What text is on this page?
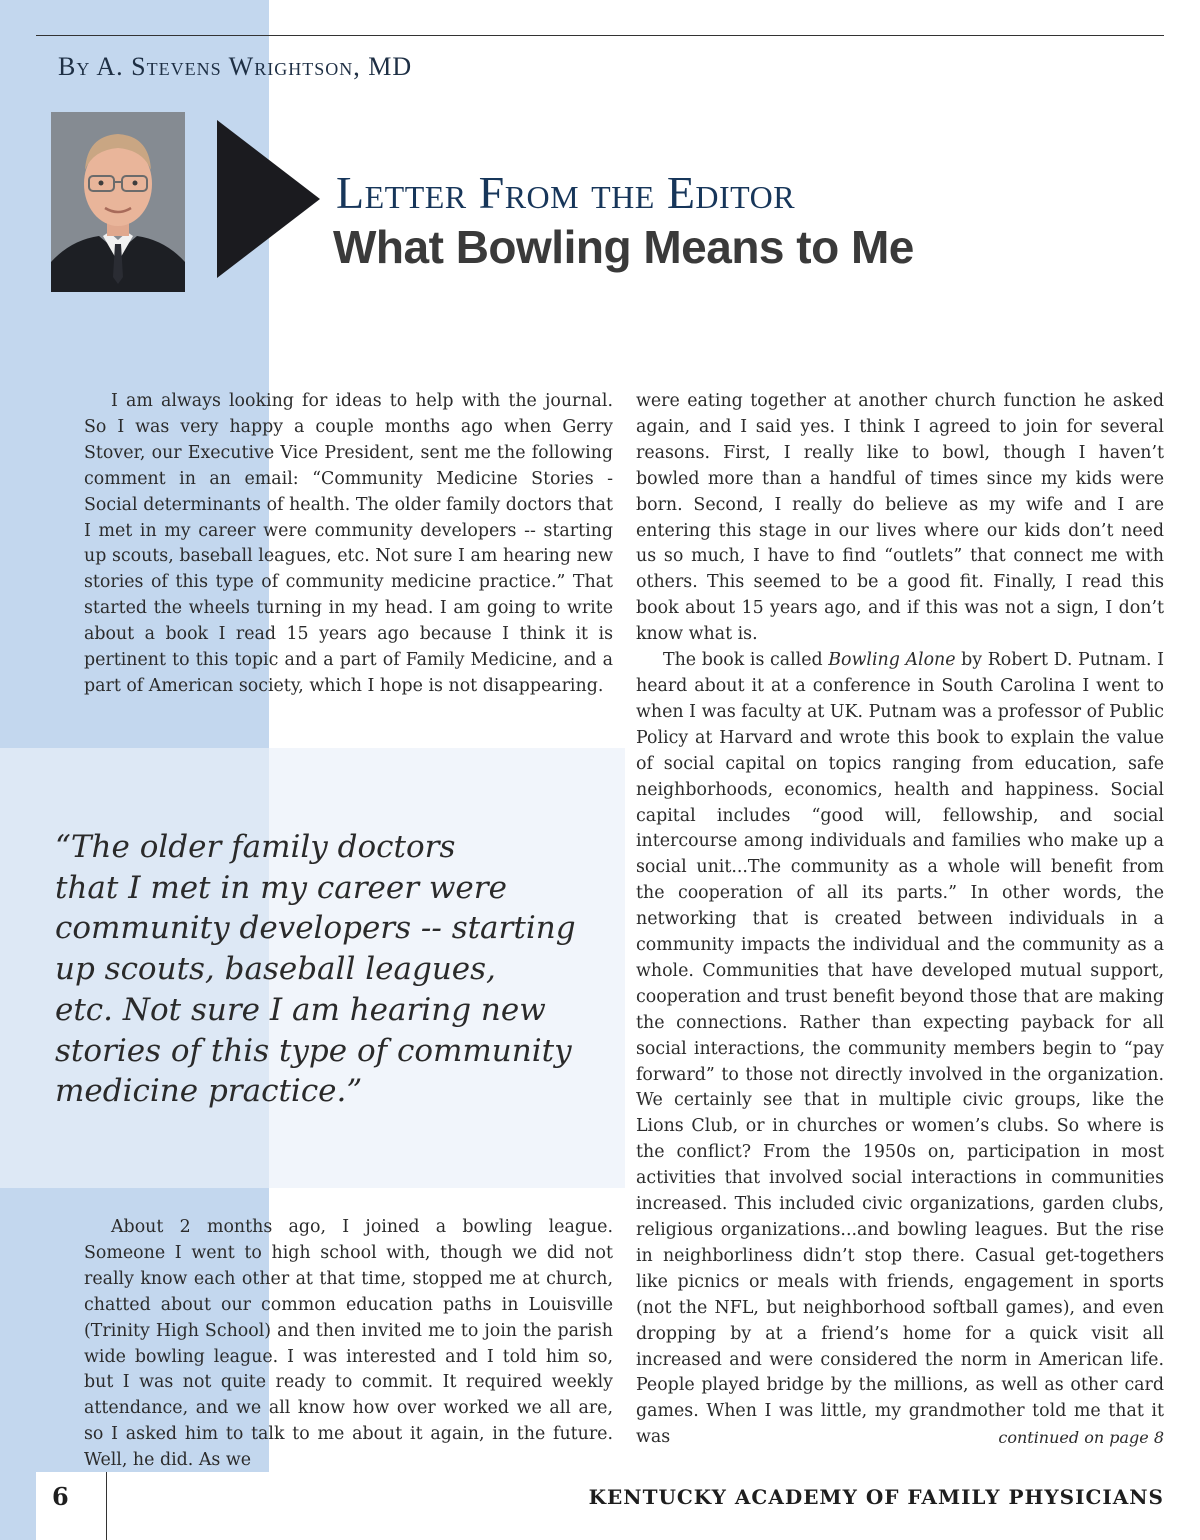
By A. Stevens Wrightson, MD
Letter From the Editor
What Bowling Means to Me

I am always looking for ideas to help with the journal. So I was very happy a couple months ago when Gerry Stover, our Executive Vice President, sent me the following comment in an email: “Community Medicine Stories - Social determinants of health. The older family doctors that I met in my career were community developers -- starting up scouts, baseball leagues, etc. Not sure I am hearing new stories of this type of community medicine practice.” That started the wheels turning in my head. I am going to write about a book I read 15 years ago because I think it is pertinent to this topic and a part of Family Medicine, and a part of American society, which I hope is not disappearing.

“The older family doctors
that I met in my career were
community developers -- starting
up scouts, baseball leagues,
etc. Not sure I am hearing new
stories of this type of community
medicine practice.”

About 2 months ago, I joined a bowling league. Someone I went to high school with, though we did not really know each other at that time, stopped me at church, chatted about our common education paths in Louisville (Trinity High School) and then invited me to join the parish wide bowling league. I was interested and I told him so, but I was not quite ready to commit. It required weekly attendance, and we all know how over worked we all are, so I asked him to talk to me about it again, in the future. Well, he did. As we

were eating together at another church function he asked again, and I said yes. I think I agreed to join for several reasons. First, I really like to bowl, though I haven’t bowled more than a handful of times since my kids were born. Second, I really do believe as my wife and I are entering this stage in our lives where our kids don’t need us so much, I have to find “outlets” that connect me with others. This seemed to be a good fit. Finally, I read this book about 15 years ago, and if this was not a sign, I don’t know what is.

The book is called Bowling Alone by Robert D. Putnam. I heard about it at a conference in South Carolina I went to when I was faculty at UK. Putnam was a professor of Public Policy at Harvard and wrote this book to explain the value of social capital on topics ranging from education, safe neighborhoods, economics, health and happiness. Social capital includes “good will, fellowship, and social intercourse among individuals and families who make up a social unit...The community as a whole will benefit from the cooperation of all its parts.” In other words, the networking that is created between individuals in a community impacts the individual and the community as a whole. Communities that have developed mutual support, cooperation and trust benefit beyond those that are making the connections. Rather than expecting payback for all social interactions, the community members begin to “pay forward” to those not directly involved in the organization. We certainly see that in multiple civic groups, like the Lions Club, or in churches or women’s clubs. So where is the conflict? From the 1950s on, participation in most activities that involved social interactions in communities increased. This included civic organizations, garden clubs, religious organizations...and bowling leagues. But the rise in neighborliness didn’t stop there. Casual get-togethers like picnics or meals with friends, engagement in sports (not the NFL, but neighborhood softball games), and even dropping by at a friend’s home for a quick visit all increased and were considered the norm in American life. People played bridge by the millions, as well as other card games. When I was little, my grandmother told me that it was	continued on page 8
6	KENTUCKY ACADEMY OF FAMILY PHYSICIANS
